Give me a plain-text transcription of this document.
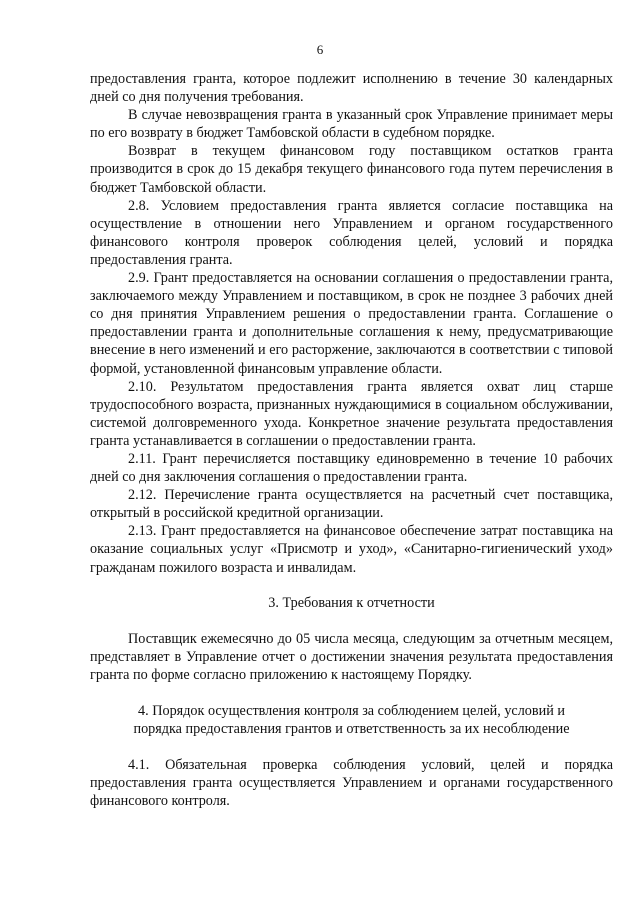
6

предоставления гранта, которое подлежит исполнению в течение 30 календарных дней со дня получения требования.

В случае невозвращения гранта в указанный срок Управление принимает меры по его возврату в бюджет Тамбовской области в судебном порядке.

Возврат в текущем финансовом году поставщиком остатков гранта производится в срок до 15 декабря текущего финансового года путем перечисления в бюджет Тамбовской области.

2.8. Условием предоставления гранта является согласие поставщика на осуществление в отношении него Управлением и органом государственного финансового контроля проверок соблюдения целей, условий и порядка предоставления гранта.

2.9. Грант предоставляется на основании соглашения о предоставлении гранта, заключаемого между Управлением и поставщиком, в срок не позднее 3 рабочих дней со дня принятия Управлением решения о предоставлении гранта. Соглашение о предоставлении гранта и дополнительные соглашения к нему, предусматривающие внесение в него изменений и его расторжение, заключаются в соответствии с типовой формой, установленной финансовым управление области.

2.10. Результатом предоставления гранта является охват лиц старше трудоспособного возраста, признанных нуждающимися в социальном обслуживании, системой долговременного ухода. Конкретное значение результата предоставления гранта устанавливается в соглашении о предоставлении гранта.

2.11. Грант перечисляется поставщику единовременно в течение 10 рабочих дней со дня заключения соглашения о предоставлении гранта.

2.12. Перечисление гранта осуществляется на расчетный счет поставщика, открытый в российской кредитной организации.

2.13. Грант предоставляется на финансовое обеспечение затрат поставщика на оказание социальных услуг «Присмотр и уход», «Санитарно-гигиенический уход» гражданам пожилого возраста и инвалидам.

3. Требования к отчетности

Поставщик ежемесячно до 05 числа месяца, следующим за отчетным месяцем, представляет в Управление отчет о достижении значения результата предоставления гранта по форме согласно приложению к настоящему Порядку.

4. Порядок осуществления контроля за соблюдением целей, условий и

порядка предоставления грантов и ответственность за их несоблюдение

4.1. Обязательная проверка соблюдения условий, целей и порядка предоставления гранта осуществляется Управлением и органами государственного финансового контроля.
